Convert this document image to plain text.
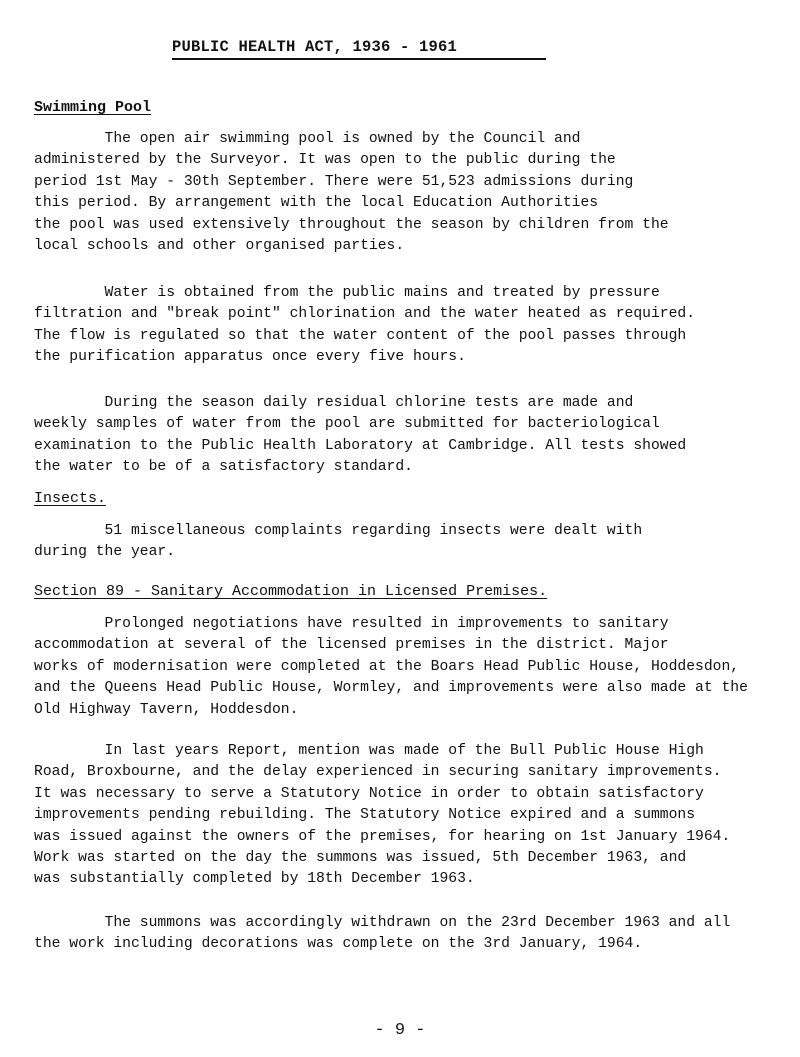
PUBLIC HEALTH ACT, 1936 - 1961
Swimming Pool
The open air swimming pool is owned by the Council and
administered by the Surveyor. It was open to the public during the
period 1st May - 30th September. There were 51,523 admissions during
this period. By arrangement with the local Education Authorities
the pool was used extensively throughout the season by children from the
local schools and other organised parties.
Water is obtained from the public mains and treated by pressure
filtration and "break point" chlorination and the water heated as required.
The flow is regulated so that the water content of the pool passes through
the purification apparatus once every five hours.
During the season daily residual chlorine tests are made and
weekly samples of water from the pool are submitted for bacteriological
examination to the Public Health Laboratory at Cambridge. All tests showed
the water to be of a satisfactory standard.
Insects.
51 miscellaneous complaints regarding insects were dealt with
during the year.
Section 89 - Sanitary Accommodation in Licensed Premises.
Prolonged negotiations have resulted in improvements to sanitary
accommodation at several of the licensed premises in the district. Major
works of modernisation were completed at the Boars Head Public House, Hoddesdon,
and the Queens Head Public House, Wormley, and improvements were also made at the
Old Highway Tavern, Hoddesdon.
In last years Report, mention was made of the Bull Public House High
Road, Broxbourne, and the delay experienced in securing sanitary improvements.
It was necessary to serve a Statutory Notice in order to obtain satisfactory
improvements pending rebuilding. The Statutory Notice expired and a summons
was issued against the owners of the premises, for hearing on 1st January 1964.
Work was started on the day the summons was issued, 5th December 1963, and
was substantially completed by 18th December 1963.
The summons was accordingly withdrawn on the 23rd December 1963 and all
the work including decorations was complete on the 3rd January, 1964.
- 9 -
